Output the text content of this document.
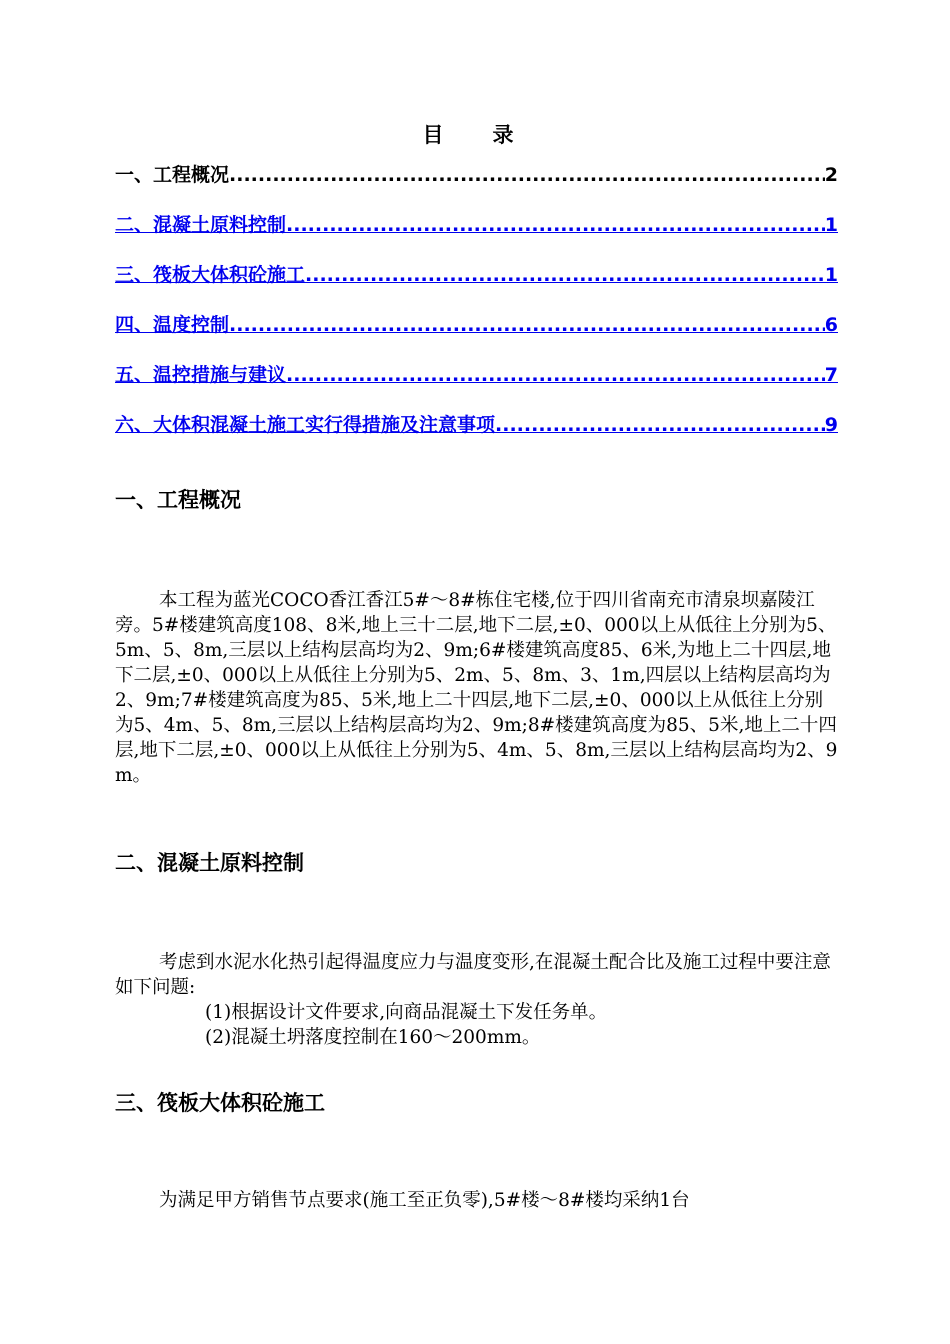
目　录
一、工程概况 .....	2
二、混凝土原料控制 .....	1
三、筏板大体积砼施工 .....	1
四、温度控制 .....	6
五、温控措施与建议 .....	7
六、大体积混凝土施工实行得措施及注意事项 .....	9
一、工程概况
本工程为蓝光COCO香江香江5#～8#栋住宅楼,位于四川省南充市清泉坝嘉陵江旁。5#楼建筑高度108、8米,地上三十二层,地下二层,±0、000以上从低往上分别为5、5m、5、8m,三层以上结构层高均为2、9m;6#楼建筑高度85、6米,为地上二十四层,地下二层,±0、000以上从低往上分别为5、2m、5、8m、3、1m,四层以上结构层高均为2、9m;7#楼建筑高度为85、5米,地上二十四层,地下二层,±0、000以上从低往上分别为5、4m、5、8m,三层以上结构层高均为2、9m;8#楼建筑高度为85、5米,地上二十四层,地下二层,±0、000以上从低往上分别为5、4m、5、8m,三层以上结构层高均为2、9m。
二、混凝土原料控制
考虑到水泥水化热引起得温度应力与温度变形,在混凝土配合比及施工过程中要注意如下问题:
(1)根据设计文件要求,向商品混凝土下发任务单。
(2)混凝土坍落度控制在160～200mm。
三、筏板大体积砼施工
为满足甲方销售节点要求(施工至正负零),5#楼～8#楼均采纳1台
